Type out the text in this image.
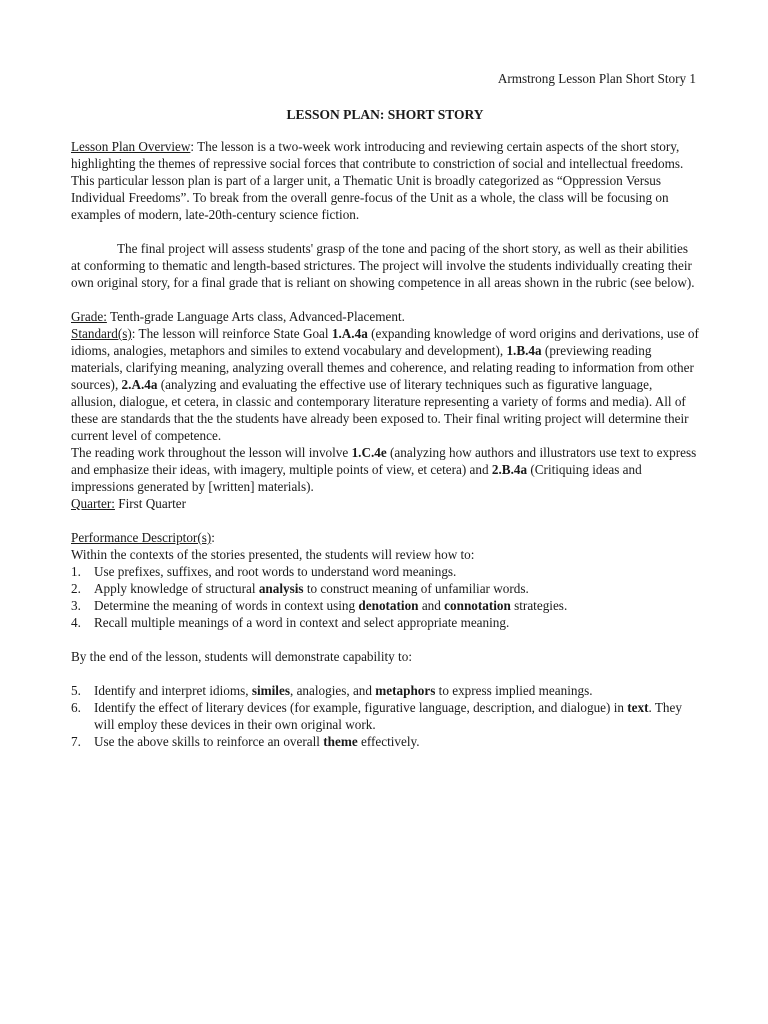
Armstrong Lesson Plan Short Story 1

LESSON PLAN: SHORT STORY

Lesson Plan Overview: The lesson is a two-week work introducing and reviewing certain aspects of the short story, highlighting the themes of repressive social forces that contribute to constriction of social and intellectual freedoms. This particular lesson plan is part of a larger unit, a Thematic Unit is broadly categorized as “Oppression Versus Individual Freedoms”. To break from the overall genre-focus of the Unit as a whole, the class will be focusing on examples of modern, late-20th-century science fiction.

The final project will assess students' grasp of the tone and pacing of the short story, as well as their abilities at conforming to thematic and length-based strictures. The project will involve the students individually creating their own original story, for a final grade that is reliant on showing competence in all areas shown in the rubric (see below).

Grade: Tenth-grade Language Arts class, Advanced-Placement.

Standard(s): The lesson will reinforce State Goal 1.A.4a (expanding knowledge of word origins and derivations, use of idioms, analogies, metaphors and similes to extend vocabulary and development), 1.B.4a (previewing reading materials, clarifying meaning, analyzing overall themes and coherence, and relating reading to information from other sources), 2.A.4a (analyzing and evaluating the effective use of literary techniques such as figurative language, allusion, dialogue, et cetera, in classic and contemporary literature representing a variety of forms and media). All of these are standards that the the students have already been exposed to. Their final writing project will determine their current level of competence.

The reading work throughout the lesson will involve 1.C.4e (analyzing how authors and illustrators use text to express and emphasize their ideas, with imagery, multiple points of view, et cetera) and 2.B.4a (Critiquing ideas and impressions generated by [written] materials).

Quarter: First Quarter

Performance Descriptor(s):

Within the contexts of the stories presented, the students will review how to:

1. Use prefixes, suffixes, and root words to understand word meanings.
2. Apply knowledge of structural analysis to construct meaning of unfamiliar words.
3. Determine the meaning of words in context using denotation and connotation strategies.
4. Recall multiple meanings of a word in context and select appropriate meaning.

By the end of the lesson, students will demonstrate capability to:

5. Identify and interpret idioms, similes, analogies, and metaphors to express implied meanings.
6. Identify the effect of literary devices (for example, figurative language, description, and dialogue) in text. They will employ these devices in their own original work.
7. Use the above skills to reinforce an overall theme effectively.
